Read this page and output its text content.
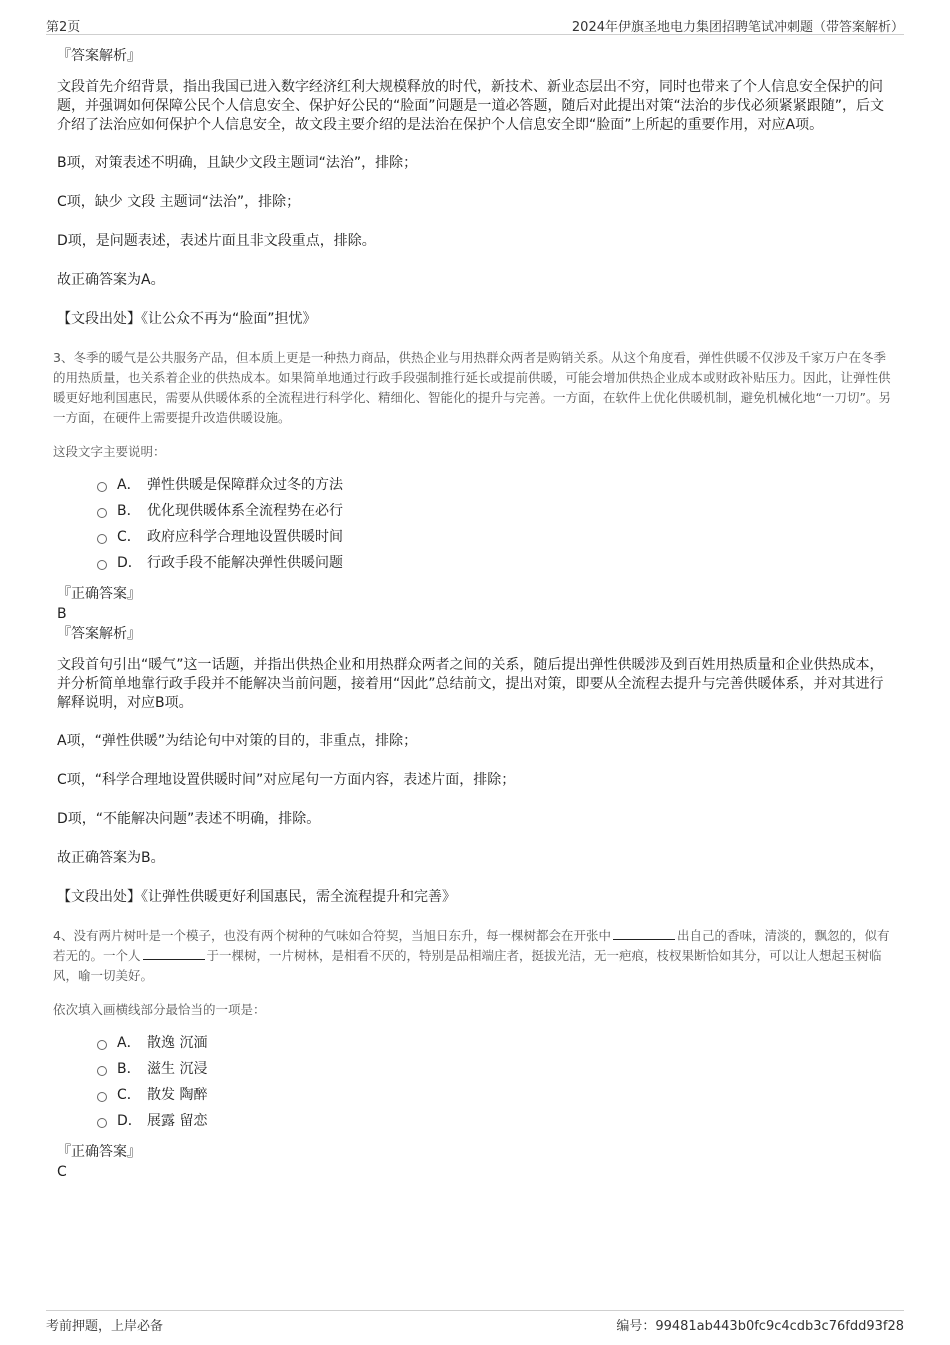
第2页	2024年伊旗圣地电力集团招聘笔试冲刺题（带答案解析）

『答案解析』

文段首先介绍背景，指出我国已进入数字经济红利大规模释放的时代，新技术、新业态层出不穷，同时也带来了个人信息安全保护的问题，并强调如何保障公民个人信息安全、保护好公民的“脸面”问题是一道必答题，随后对此提出对策“法治的步伐必须紧紧跟随”，后文介绍了法治应如何保护个人信息安全，故文段主要介绍的是法治在保护个人信息安全即“脸面”上所起的重要作用，对应A项。

B项，对策表述不明确，且缺少文段主题词“法治”，排除；

C项，缺少 文段 主题词“法治”，排除；

D项，是问题表述，表述片面且非文段重点，排除。

故正确答案为A。

【文段出处】《让公众不再为“脸面”担忧》

3、冬季的暖气是公共服务产品，但本质上更是一种热力商品，供热企业与用热群众两者是购销关系。从这个角度看，弹性供暖不仅涉及千家万户在冬季的用热质量，也关系着企业的供热成本。如果简单地通过行政手段强制推行延长或提前供暖，可能会增加供热企业成本或财政补贴压力。因此，让弹性供暖更好地利国惠民，需要从供暖体系的全流程进行科学化、精细化、智能化的提升与完善。一方面，在软件上优化供暖机制，避免机械化地“一刀切”。另一方面，在硬件上需要提升改造供暖设施。

这段文字主要说明：

A． 弹性供暖是保障群众过冬的方法
B． 优化现供暖体系全流程势在必行
C． 政府应科学合理地设置供暖时间
D． 行政手段不能解决弹性供暖问题

『正确答案』

B

『答案解析』

文段首句引出“暖气”这一话题，并指出供热企业和用热群众两者之间的关系，随后提出弹性供暖涉及到百姓用热质量和企业供热成本，并分析简单地靠行政手段并不能解决当前问题，接着用“因此”总结前文，提出对策，即要从全流程去提升与完善供暖体系，并对其进行解释说明，对应B项。

A项，“弹性供暖”为结论句中对策的目的，非重点，排除；

C项，“科学合理地设置供暖时间”对应尾句一方面内容，表述片面，排除；

D项，“不能解决问题”表述不明确，排除。

故正确答案为B。

【文段出处】《让弹性供暖更好利国惠民，需全流程提升和完善》

4、没有两片树叶是一个模子，也没有两个树种的气味如合符契，当旭日东升，每一棵树都会在开张中	出自己的香味，清淡的，飘忽的，似有若无的。一个人	于一棵树，一片树林，是相看不厌的，特别是品相端庄者，挺拔光洁，无一疤痕，枝杈果断恰如其分，可以让人想起玉树临风，喻一切美好。

依次填入画横线部分最恰当的一项是：

A． 散逸 沉湎
B． 滋生 沉浸
C． 散发 陶醉
D． 展露 留恋

『正确答案』

C

考前押题，上岸必备	编号：99481ab443b0fc9c4cdb3c76fdd93f28
